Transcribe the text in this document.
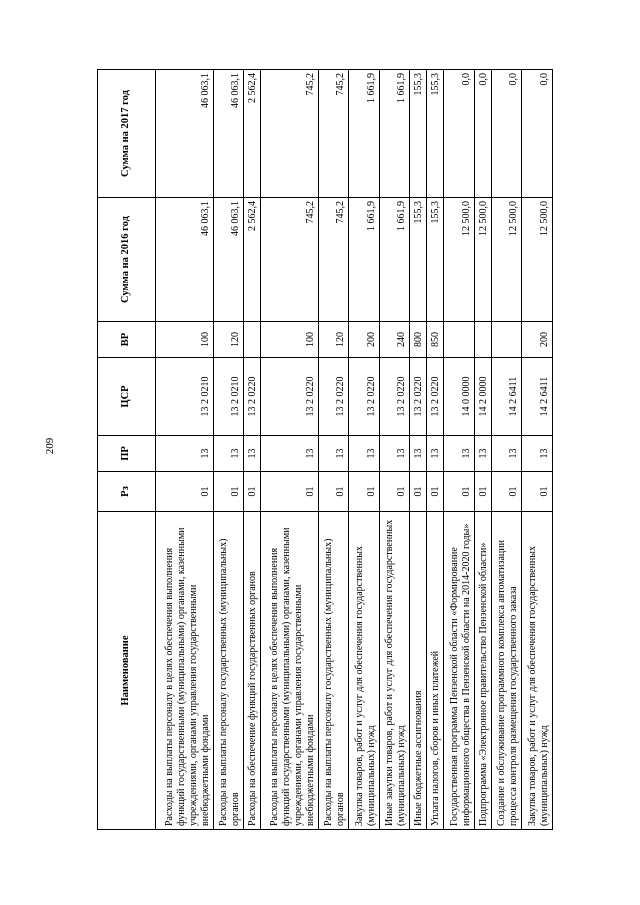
209
Наименование	Рз	ПР	ЦСР	ВР	Сумма на 2016 год	Сумма на 2017 год
Расходы на выплаты персоналу в целях обеспечения выполнения функций государственными (муниципальными) органами, казенными учреждениями, органами управления государственными внебюджетными фондами	01	13	13 2 0210	100	46 063,1	46 063,1
Расходы на выплаты персоналу государственных (муниципальных) органов	01	13	13 2 0210	120	46 063,1	46 063,1
Расходы на обеспечение функций государственных органов	01	13	13 2 0220		2 562,4	2 562,4
Расходы на выплаты персоналу в целях обеспечения выполнения функций государственными (муниципальными) органами, казенными учреждениями, органами управления государственными внебюджетными фондами	01	13	13 2 0220	100	745,2	745,2
Расходы на выплаты персоналу государственных (муниципальных) органов	01	13	13 2 0220	120	745,2	745,2
Закупка товаров, работ и услуг для обеспечения государственных (муниципальных) нужд	01	13	13 2 0220	200	1 661,9	1 661,9
Иные закупки товаров, работ и услуг для обеспечения государственных (муниципальных) нужд	01	13	13 2 0220	240	1 661,9	1 661,9
Иные бюджетные ассигнования	01	13	13 2 0220	800	155,3	155,3
Уплата налогов, сборов и иных платежей	01	13	13 2 0220	850	155,3	155,3
Государственная программа Пензенской области «Формирование информационного общества в Пензенской области на 2014-2020 годы»	01	13	14 0 0000		12 500,0	0,0
Подпрограмма «Электронное правительство Пензенской области»	01	13	14 2 0000		12 500,0	0,0
Создание и обслуживание программного комплекса автоматизации процесса контроля размещения государственного заказа	01	13	14 2 6411		12 500,0	0,0
Закупка товаров, работ и услуг для обеспечения государственных (муниципальных) нужд	01	13	14 2 6411	200	12 500,0	0,0
